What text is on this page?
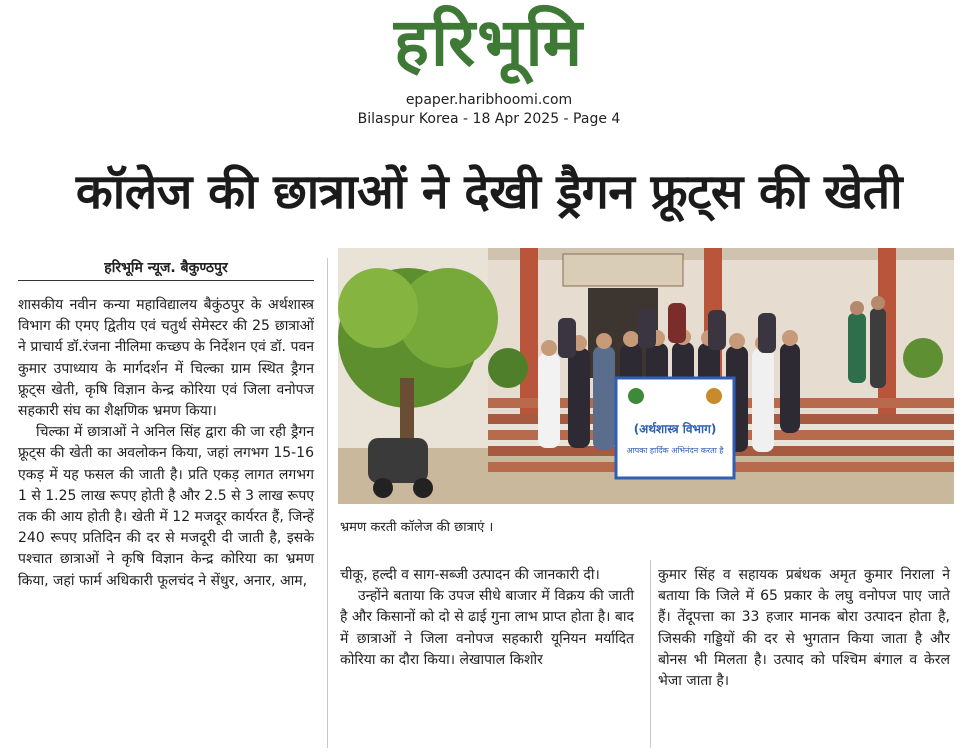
हरिभूमि
epaper.haribhoomi.com
Bilaspur Korea - 18 Apr 2025 - Page 4
कॉलेज की छात्राओं ने देखी ड्रैगन फ्रूट्स की खेती
हरिभूमि न्यूज. बैकुण्ठपुर

शासकीय नवीन कन्या महाविद्यालय बैकुंठपुर के अर्थशास्त्र विभाग की एमए द्वितीय एवं चतुर्थ सेमेस्टर की 25 छात्राओं ने प्राचार्य डॉ.रंजना नीलिमा कच्छप के निर्देशन एवं डॉ. पवन कुमार उपाध्याय के मार्गदर्शन में चिल्का ग्राम स्थित ड्रैगन फ्रूट्स खेती, कृषि विज्ञान केन्द्र कोरिया एवं जिला वनोपज सहकारी संघ का शैक्षणिक भ्रमण किया।

चिल्का में छात्राओं ने अनिल सिंह द्वारा की जा रही ड्रैगन फ्रूट्स की खेती का अवलोकन किया, जहां लगभग 15-16 एकड़ में यह फसल की जाती है। प्रति एकड़ लागत लगभग 1 से 1.25 लाख रूपए होती है और 2.5 से 3 लाख रूपए तक की आय होती है। खेती में 12 मजदूर कार्यरत हैं, जिन्हें 240 रूपए प्रतिदिन की दर से मजदूरी दी जाती है, इसके पश्चात छात्राओं ने कृषि विज्ञान केन्द्र कोरिया का भ्रमण किया, जहां फार्म अधिकारी फूलचंद ने सेंधुर, अनार, आम,

(अर्थशास्त्र विभाग)
आपका हार्दिक अभिनंदन करता है
भ्रमण करती कॉलेज की छात्राएं ।

चीकू, हल्दी व साग-सब्जी उत्पादन की जानकारी दी।

उन्होंने बताया कि उपज सीधे बाजार में विक्रय की जाती है और किसानों को दो से ढाई गुना लाभ प्राप्त होता है। बाद में छात्राओं ने जिला वनोपज सहकारी यूनियन मर्यादित कोरिया का दौरा किया। लेखापाल किशोर

कुमार सिंह व सहायक प्रबंधक अमृत कुमार निराला ने बताया कि जिले में 65 प्रकार के लघु वनोपज पाए जाते हैं। तेंदूपत्ता का 33 हजार मानक बोरा उत्पादन होता है, जिसकी गड्डियों की दर से भुगतान किया जाता है और बोनस भी मिलता है। उत्पाद को पश्चिम बंगाल व केरल भेजा जाता है।
